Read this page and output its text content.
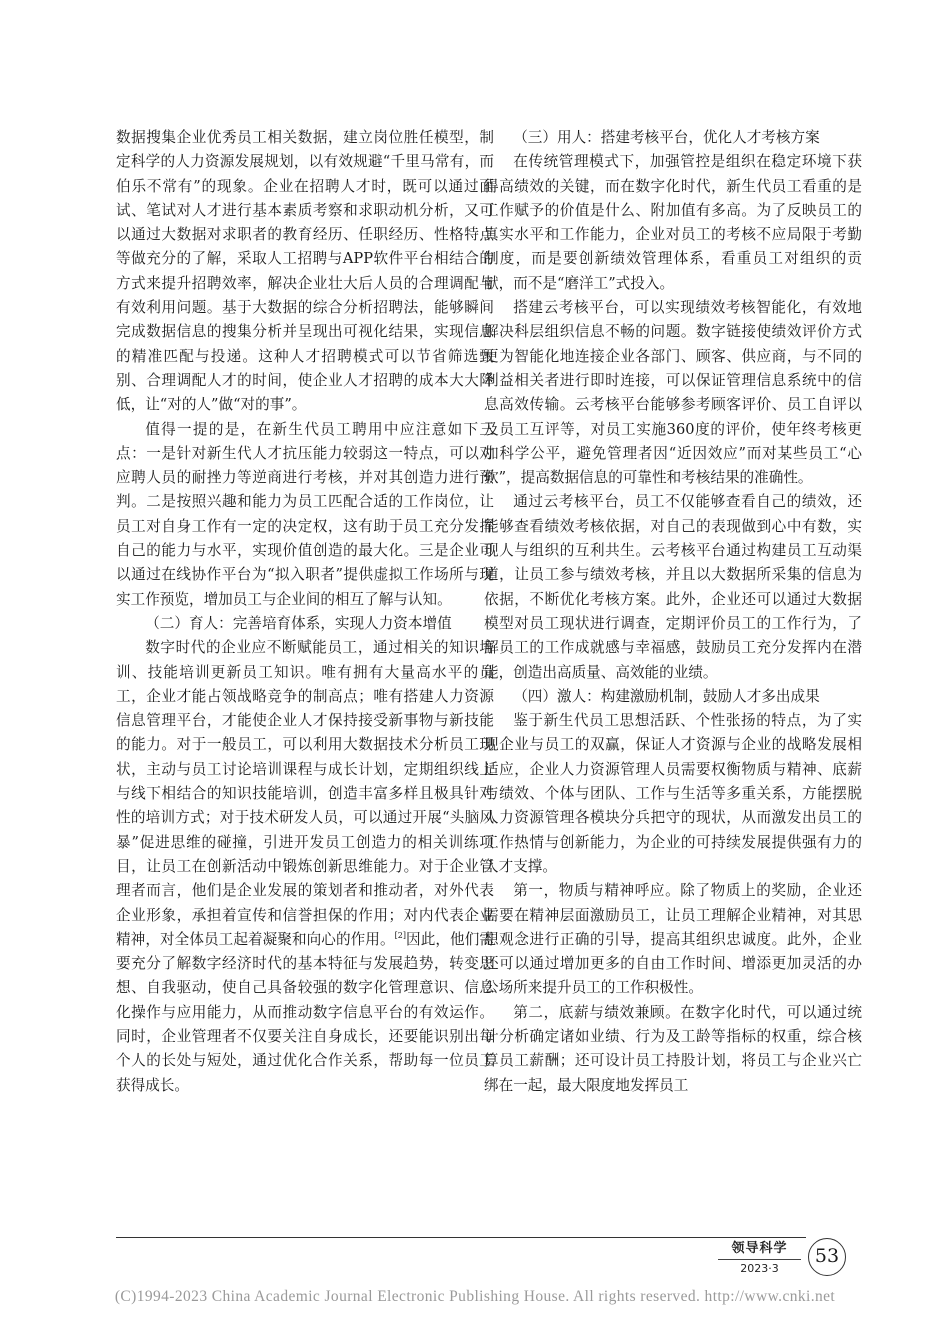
数据搜集企业优秀员工相关数据，建立岗位胜任模型，制定科学的人力资源发展规划，以有效规避“千里马常有，而伯乐不常有”的现象。企业在招聘人才时，既可以通过面试、笔试对人才进行基本素质考察和求职动机分析，又可以通过大数据对求职者的教育经历、任职经历、性格特点等做充分的了解，采取人工招聘与APP软件平台相结合的方式来提升招聘效率，解决企业壮大后人员的合理调配与有效利用问题。基于大数据的综合分析招聘法，能够瞬间完成数据信息的搜集分析并呈现出可视化结果，实现信息的精准匹配与投递。这种人才招聘模式可以节省筛选甄别、合理调配人才的时间，使企业人才招聘的成本大大降低，让“对的人”做“对的事”。

值得一提的是，在新生代员工聘用中应注意如下三点：一是针对新生代人才抗压能力较弱这一特点，可以对应聘人员的耐挫力等逆商进行考核，并对其创造力进行预判。二是按照兴趣和能力为员工匹配合适的工作岗位，让员工对自身工作有一定的决定权，这有助于员工充分发挥自己的能力与水平，实现价值创造的最大化。三是企业可以通过在线协作平台为“拟入职者”提供虚拟工作场所与现实工作预览，增加员工与企业间的相互了解与认知。

（二）育人：完善培育体系，实现人力资本增值

数字时代的企业应不断赋能员工，通过相关的知识培训、技能培训更新员工知识。唯有拥有大量高水平的员工，企业才能占领战略竞争的制高点；唯有搭建人力资源信息管理平台，才能使企业人才保持接受新事物与新技能的能力。对于一般员工，可以利用大数据技术分析员工现状，主动与员工讨论培训课程与成长计划，定期组织线上与线下相结合的知识技能培训，创造丰富多样且极具针对性的培训方式；对于技术研发人员，可以通过开展“头脑风暴”促进思维的碰撞，引进开发员工创造力的相关训练项目，让员工在创新活动中锻炼创新思维能力。对于企业管理者而言，他们是企业发展的策划者和推动者，对外代表企业形象，承担着宣传和信誉担保的作用；对内代表企业精神，对全体员工起着凝聚和向心的作用。[2]因此，他们需要充分了解数字经济时代的基本特征与发展趋势，转变思想、自我驱动，使自己具备较强的数字化管理意识、信息化操作与应用能力，从而推动数字信息平台的有效运作。同时，企业管理者不仅要关注自身成长，还要能识别出每个人的长处与短处，通过优化合作关系，帮助每一位员工获得成长。

（三）用人：搭建考核平台，优化人才考核方案

在传统管理模式下，加强管控是组织在稳定环境下获得高绩效的关键，而在数字化时代，新生代员工看重的是工作赋予的价值是什么、附加值有多高。为了反映员工的真实水平和工作能力，企业对员工的考核不应局限于考勤制度，而是要创新绩效管理体系，看重员工对组织的贡献，而不是“磨洋工”式投入。

搭建云考核平台，可以实现绩效考核智能化，有效地解决科层组织信息不畅的问题。数字链接使绩效评价方式更为智能化地连接企业各部门、顾客、供应商，与不同的利益相关者进行即时连接，可以保证管理信息系统中的信息高效传输。云考核平台能够参考顾客评价、员工自评以及员工互评等，对员工实施360度的评价，使年终考核更加科学公平，避免管理者因“近因效应”而对某些员工“心软”，提高数据信息的可靠性和考核结果的准确性。

通过云考核平台，员工不仅能够查看自己的绩效，还能够查看绩效考核依据，对自己的表现做到心中有数，实现人与组织的互利共生。云考核平台通过构建员工互动渠道，让员工参与绩效考核，并且以大数据所采集的信息为依据，不断优化考核方案。此外，企业还可以通过大数据模型对员工现状进行调查，定期评价员工的工作行为，了解员工的工作成就感与幸福感，鼓励员工充分发挥内在潜能，创造出高质量、高效能的业绩。

（四）激人：构建激励机制，鼓励人才多出成果

鉴于新生代员工思想活跃、个性张扬的特点，为了实现企业与员工的双赢，保证人才资源与企业的战略发展相适应，企业人力资源管理人员需要权衡物质与精神、底薪与绩效、个体与团队、工作与生活等多重关系，方能摆脱人力资源管理各模块分兵把守的现状，从而激发出员工的工作热情与创新能力，为企业的可持续发展提供强有力的人才支撑。

第一，物质与精神呼应。除了物质上的奖励，企业还需要在精神层面激励员工，让员工理解企业精神，对其思想观念进行正确的引导，提高其组织忠诚度。此外，企业还可以通过增加更多的自由工作时间、增添更加灵活的办公场所来提升员工的工作积极性。

第二，底薪与绩效兼顾。在数字化时代，可以通过统计分析确定诸如业绩、行为及工龄等指标的权重，综合核算员工薪酬；还可设计员工持股计划，将员工与企业兴亡绑在一起，最大限度地发挥员工

领导科学
2023·3
53
(C)1994-2023 China Academic Journal Electronic Publishing House. All rights reserved. http://www.cnki.net
